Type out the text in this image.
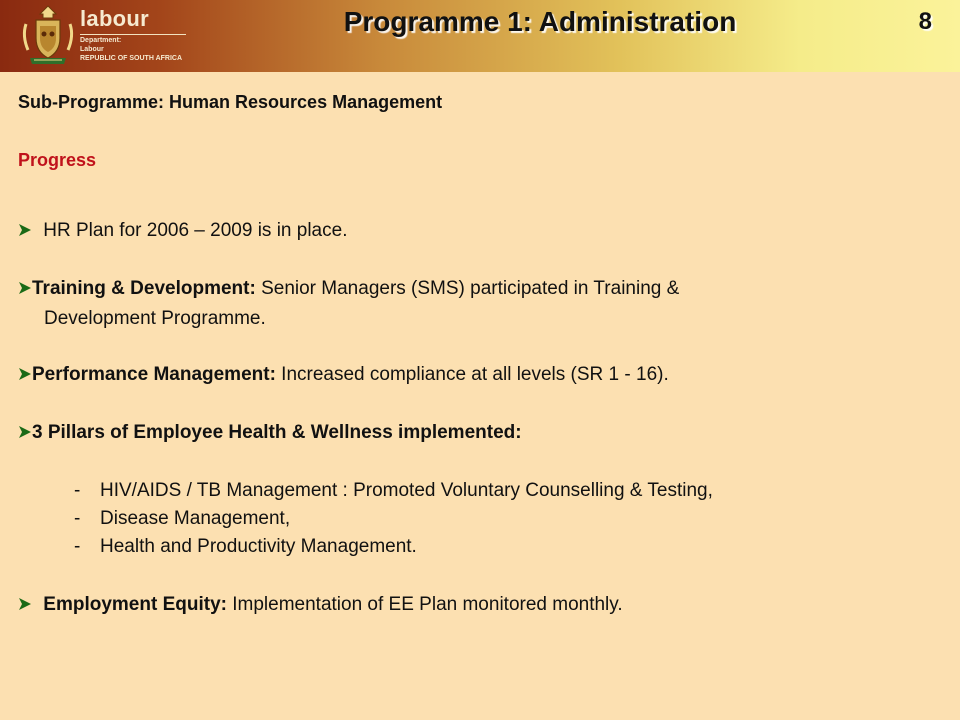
labour
Department:
Labour
REPUBLIC OF SOUTH AFRICA
Programme 1: Administration	8
Sub-Programme: Human Resources Management
Progress
HR Plan for 2006 – 2009 is in place.
Training & Development: Senior Managers (SMS) participated in Training &
Development Programme.
Performance Management: Increased compliance at all levels (SR 1 - 16).
3 Pillars of Employee Health & Wellness implemented:
- HIV/AIDS / TB Management : Promoted Voluntary Counselling & Testing,
- Disease Management,
- Health and Productivity Management.
Employment Equity: Implementation of EE Plan monitored monthly.
